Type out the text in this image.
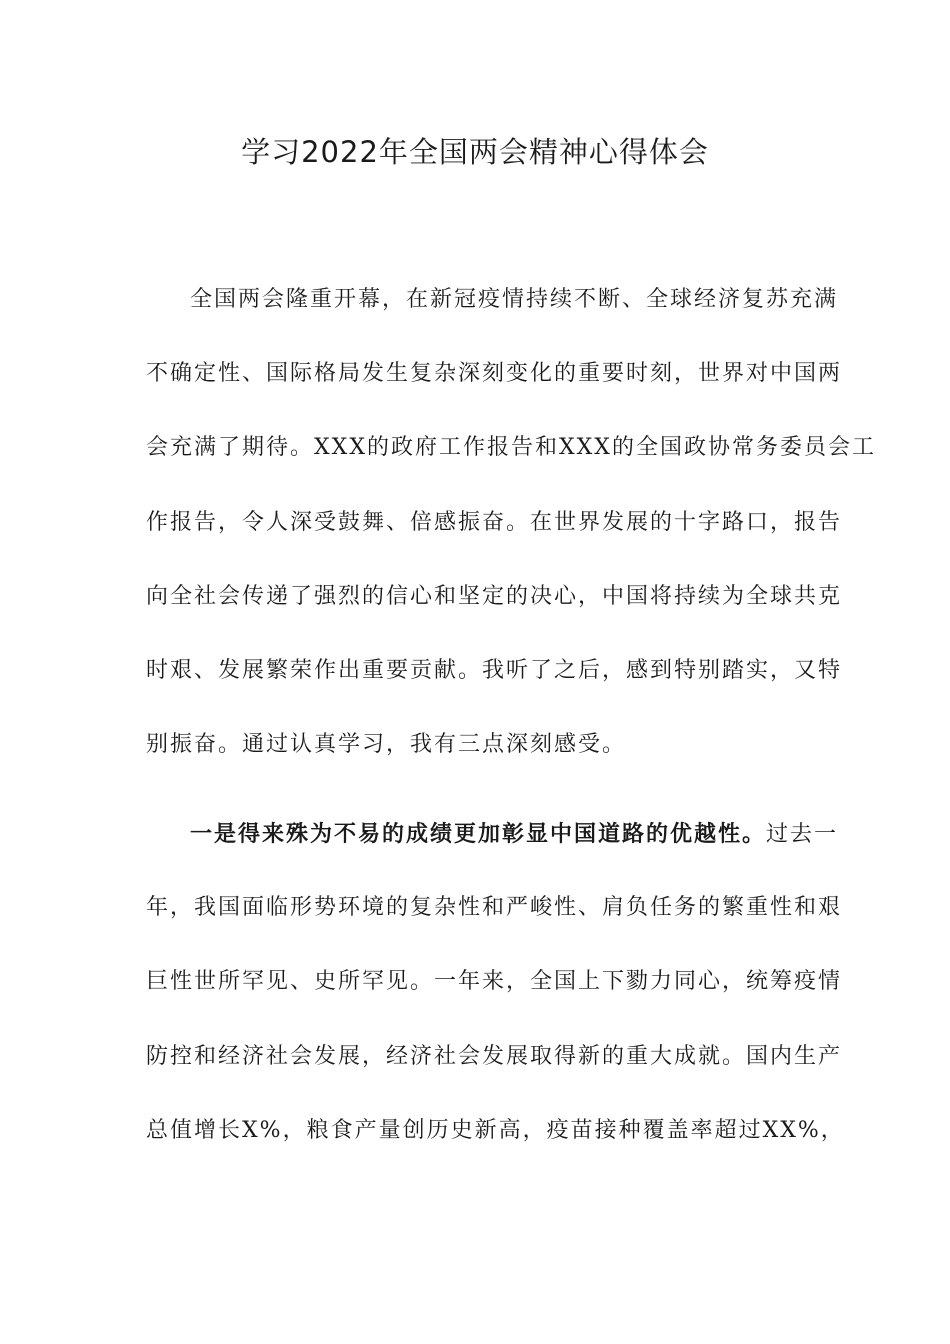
学习2022年全国两会精神心得体会
全国两会隆重开幕，在新冠疫情持续不断、全球经济复苏充满
不确定性、国际格局发生复杂深刻变化的重要时刻，世界对中国两
会充满了期待。XXX的政府工作报告和XXX的全国政协常务委员会工
作报告，令人深受鼓舞、倍感振奋。在世界发展的十字路口，报告
向全社会传递了强烈的信心和坚定的决心，中国将持续为全球共克
时艰、发展繁荣作出重要贡献。我听了之后，感到特别踏实，又特
别振奋。通过认真学习，我有三点深刻感受。
一是得来殊为不易的成绩更加彰显中国道路的优越性。过去一
年，我国面临形势环境的复杂性和严峻性、肩负任务的繁重性和艰
巨性世所罕见、史所罕见。一年来，全国上下勠力同心，统筹疫情
防控和经济社会发展，经济社会发展取得新的重大成就。国内生产
总值增长X%，粮食产量创历史新高，疫苗接种覆盖率超过XX%，
